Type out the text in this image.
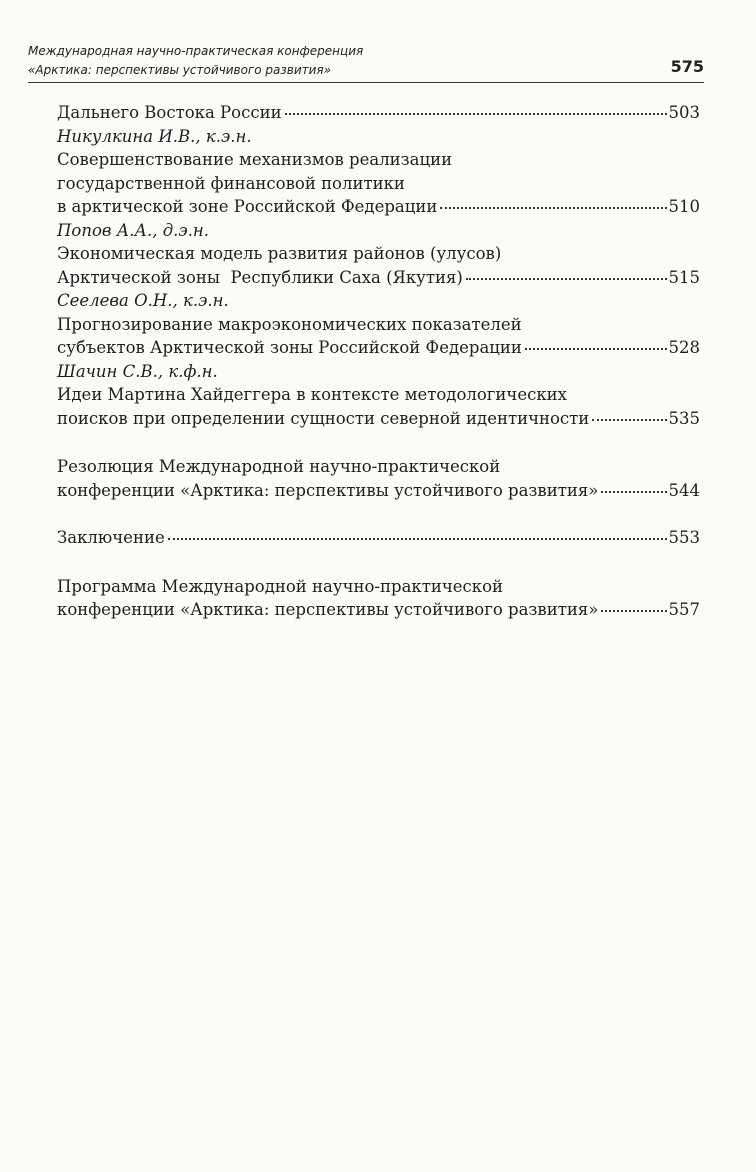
Международная научно-практическая конференция
«Арктика: перспективы устойчивого развития»	575
Дальнего Востока России	503
Никулкина И.В., к.э.н.
Совершенствование механизмов реализации
государственной финансовой политики
в арктической зоне Российской Федерации	510
Попов А.А., д.э.н.
Экономическая модель развития районов (улусов)
Арктической зоны  Республики Саха (Якутия)	515
Сеелева О.Н., к.э.н.
Прогнозирование макроэкономических показателей
субъектов Арктической зоны Российской Федерации	528
Шачин С.В., к.ф.н.
Идеи Мартина Хайдеггера в контексте методологических
поисков при определении сущности северной идентичности	535
Резолюция Международной научно-практической
конференции «Арктика: перспективы устойчивого развития»	544
Заключение	553
Программа Международной научно-практической
конференции «Арктика: перспективы устойчивого развития»	557
